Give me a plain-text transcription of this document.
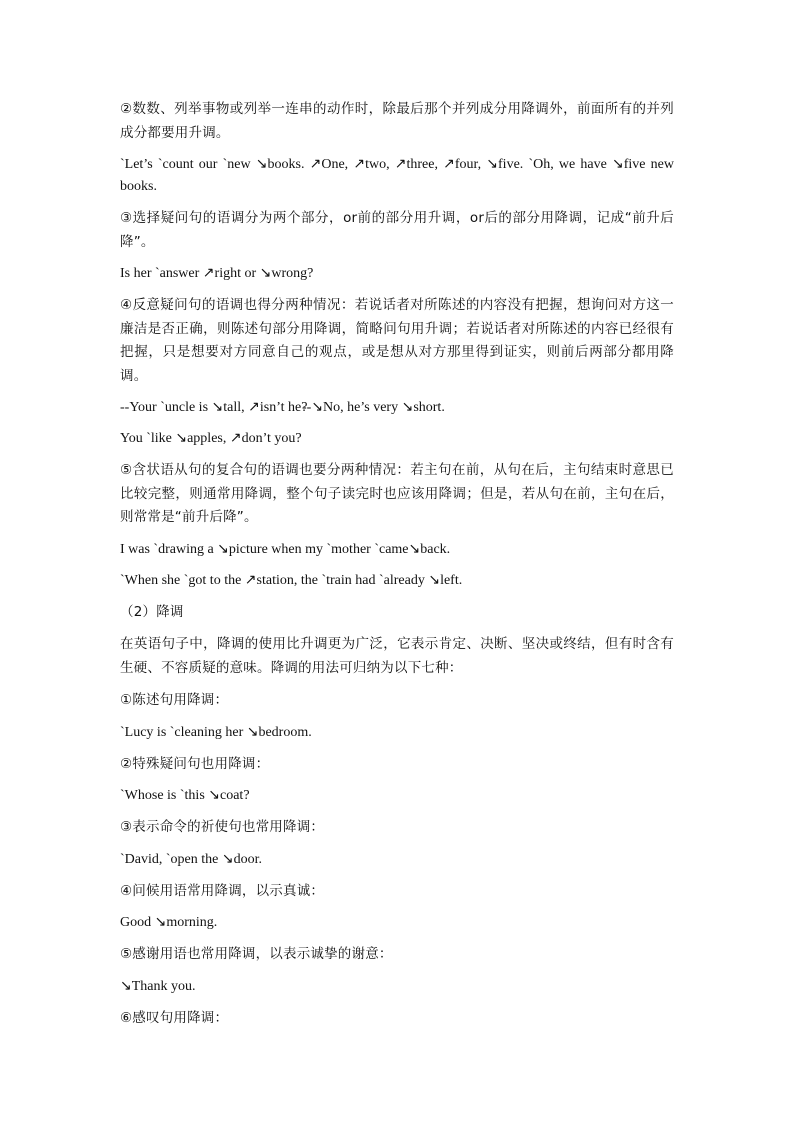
②数数、列举事物或列举一连串的动作时，除最后那个并列成分用降调外，前面所有的并列成分都要用升调。

`Let’s `count our `new ↘books. ↗One, ↗two, ↗three, ↗four, ↘five. `Oh, we have ↘five new books.

③选择疑问句的语调分为两个部分，or前的部分用升调，or后的部分用降调，记成“前升后降”。

Is her `answer ↗right or ↘wrong?

④反意疑问句的语调也得分两种情况：若说话者对所陈述的内容没有把握，想询问对方这一廉洁是否正确，则陈述句部分用降调，简略问句用升调；若说话者对所陈述的内容已经很有把握，只是想要对方同意自己的观点，或是想从对方那里得到证实，则前后两部分都用降调。

--Your `uncle is ↘tall, ↗isn’t he?
--↘No, he’s very ↘short.

You `like ↘apples, ↗don’t you?

⑤含状语从句的复合句的语调也要分两种情况：若主句在前，从句在后，主句结束时意思已比较完整，则通常用降调，整个句子读完时也应该用降调；但是，若从句在前，主句在后，则常常是“前升后降”。

I was `drawing a ↘picture when my `mother `came↘back.

`When she `got to the ↗station, the `train had `already ↘left.

（2）降调

在英语句子中，降调的使用比升调更为广泛，它表示肯定、决断、坚决或终结，但有时含有生硬、不容质疑的意味。降调的用法可归纳为以下七种：

①陈述句用降调：

`Lucy is `cleaning her ↘bedroom.

②特殊疑问句也用降调：

`Whose is `this ↘coat?

③表示命令的祈使句也常用降调：

`David, `open the ↘door.

④问候用语常用降调，以示真诚：

Good ↘morning.

⑤感谢用语也常用降调，以表示诚挚的谢意：

↘Thank you.

⑥感叹句用降调：
